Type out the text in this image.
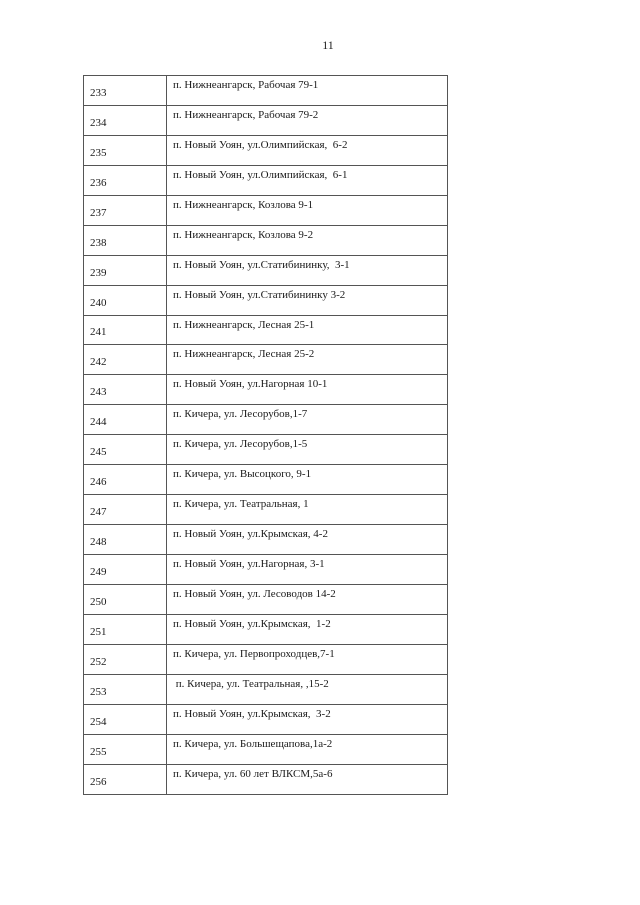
11
233	п. Нижнеангарск, Рабочая 79-1
234	п. Нижнеангарск, Рабочая 79-2
235	п. Новый Уоян, ул.Олимпийская,  6-2
236	п. Новый Уоян, ул.Олимпийская,  6-1
237	п. Нижнеангарск, Козлова 9-1
238	п. Нижнеангарск, Козлова 9-2
239	п. Новый Уоян, ул.Статибининку,  3-1
240	п. Новый Уоян, ул.Статибининку 3-2
241	п. Нижнеангарск, Лесная 25-1
242	п. Нижнеангарск, Лесная 25-2
243	п. Новый Уоян, ул.Нагорная 10-1
244	п. Кичера, ул. Лесорубов,1-7
245	п. Кичера, ул. Лесорубов,1-5
246	п. Кичера, ул. Высоцкого, 9-1
247	п. Кичера, ул. Театральная, 1
248	п. Новый Уоян, ул.Крымская, 4-2
249	п. Новый Уоян, ул.Нагорная, 3-1
250	п. Новый Уоян, ул. Лесоводов 14-2
251	п. Новый Уоян, ул.Крымская,  1-2
252	п. Кичера, ул. Первопроходцев,7-1
253	п. Кичера, ул. Театральная, ,15-2
254	п. Новый Уоян, ул.Крымская,  3-2
255	п. Кичера, ул. Большещапова,1а-2
256	п. Кичера, ул. 60 лет ВЛКСМ,5а-6
